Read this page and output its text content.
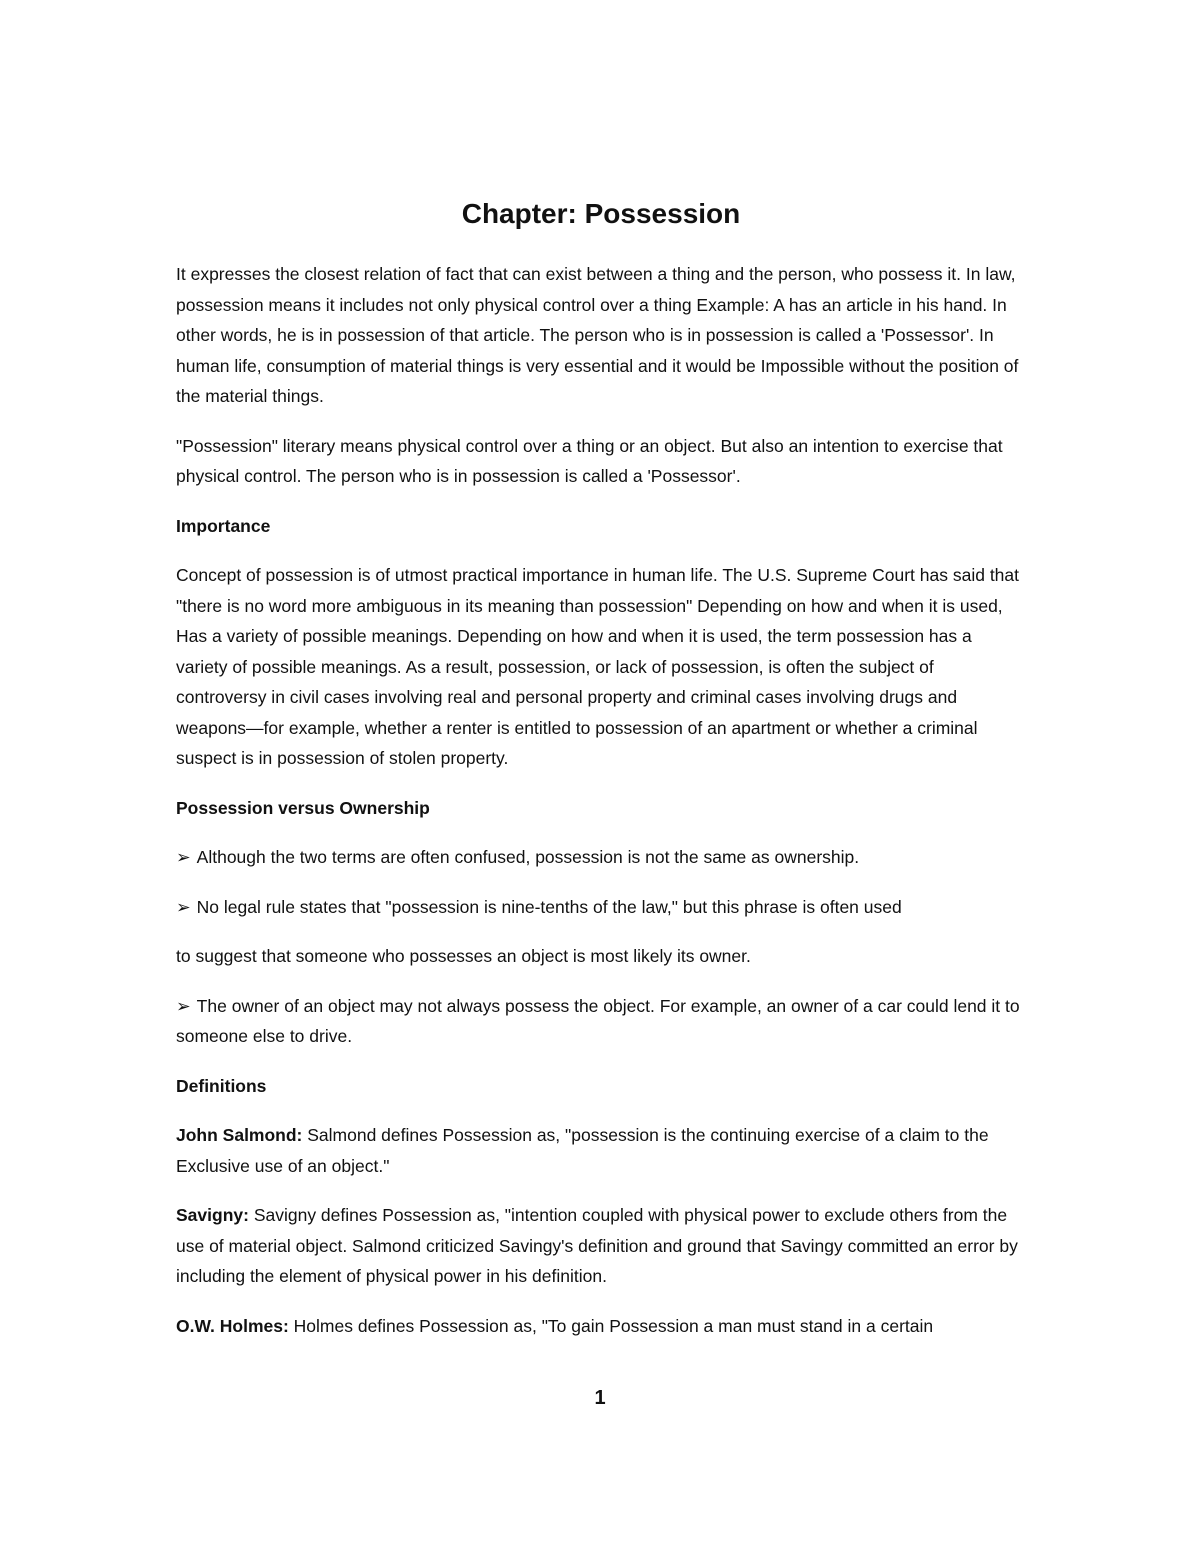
Chapter: Possession

It expresses the closest relation of fact that can exist between a thing and the person, who possess it. In law, possession means it includes not only physical control over a thing Example: A has an article in his hand. In other words, he is in possession of that article. The person who is in possession is called a 'Possessor'. In human life, consumption of material things is very essential and it would be Impossible without the position of the material things.

"Possession" literary means physical control over a thing or an object. But also an intention to exercise that physical control. The person who is in possession is called a 'Possessor'.

Importance

Concept of possession is of utmost practical importance in human life. The U.S. Supreme Court has said that "there is no word more ambiguous in its meaning than possession" Depending on how and when it is used, Has a variety of possible meanings. Depending on how and when it is used, the term possession has a variety of possible meanings. As a result, possession, or lack of possession, is often the subject of controversy in civil cases involving real and personal property and criminal cases involving drugs and weapons—for example, whether a renter is entitled to possession of an apartment or whether a criminal suspect is in possession of stolen property.

Possession versus Ownership

➢ Although the two terms are often confused, possession is not the same as ownership.

➢ No legal rule states that "possession is nine-tenths of the law," but this phrase is often used

to suggest that someone who possesses an object is most likely its owner.

➢ The owner of an object may not always possess the object. For example, an owner of a car could lend it to someone else to drive.

Definitions

John Salmond: Salmond defines Possession as, "possession is the continuing exercise of a claim to the Exclusive use of an object."

Savigny: Savigny defines Possession as, "intention coupled with physical power to exclude others from the use of material object. Salmond criticized Savingy's definition and ground that Savingy committed an error by including the element of physical power in his definition.

O.W. Holmes: Holmes defines Possession as, "To gain Possession a man must stand in a certain

1
